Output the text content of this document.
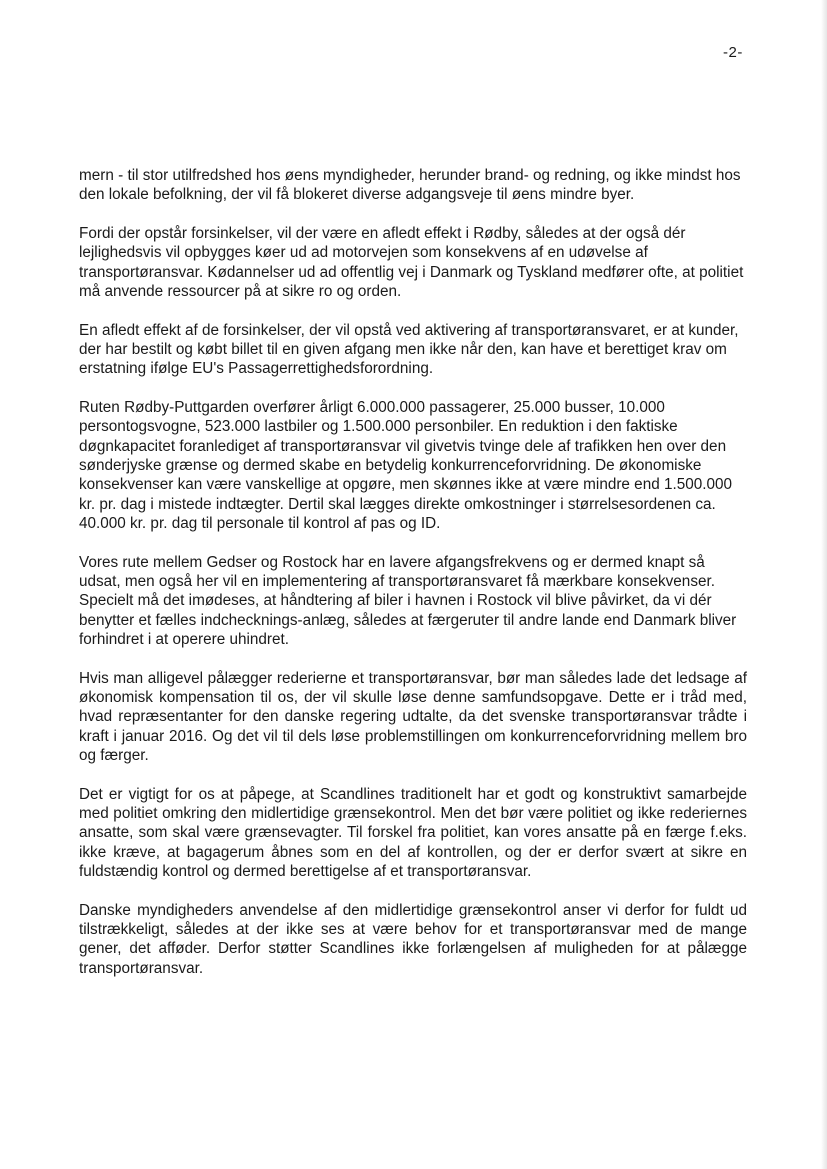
-2-

mern - til stor utilfredshed hos øens myndigheder, herunder brand- og redning, og ikke mindst hos den lokale befolkning, der vil få blokeret diverse adgangsveje til øens mindre byer.

Fordi der opstår forsinkelser, vil der være en afledt effekt i Rødby, således at der også dér lejlighedsvis vil opbygges køer ud ad motorvejen som konsekvens af en udøvelse af transportøransvar. Kødannelser ud ad offentlig vej i Danmark og Tyskland medfører ofte, at politiet må anvende ressourcer på at sikre ro og orden.

En afledt effekt af de forsinkelser, der vil opstå ved aktivering af transportøransvaret, er at kunder, der har bestilt og købt billet til en given afgang men ikke når den, kan have et berettiget krav om erstatning ifølge EU's Passagerrettighedsforordning.

Ruten Rødby-Puttgarden overfører årligt 6.000.000 passagerer, 25.000 busser, 10.000 persontogsvogne, 523.000 lastbiler og 1.500.000 personbiler. En reduktion i den faktiske døgnkapacitet foranlediget af transportøransvar vil givetvis tvinge dele af trafikken hen over den sønderjyske grænse og dermed skabe en betydelig konkurrenceforvridning. De økonomiske konsekvenser kan være vanskellige at opgøre, men skønnes ikke at være mindre end 1.500.000 kr. pr. dag i mistede indtægter. Dertil skal lægges direkte omkostninger i størrelsesordenen ca. 40.000 kr. pr. dag til personale til kontrol af pas og ID.

Vores rute mellem Gedser og Rostock har en lavere afgangsfrekvens og er dermed knapt så udsat, men også her vil en implementering af transportøransvaret få mærkbare konsekvenser. Specielt må det imødeses, at håndtering af biler i havnen i Rostock vil blive påvirket, da vi dér benytter et fælles indchecknings-anlæg, således at færgeruter til andre lande end Danmark bliver forhindret i at operere uhindret.

Hvis man alligevel pålægger rederierne et transportøransvar, bør man således lade det ledsage af økonomisk kompensation til os, der vil skulle løse denne samfundsopgave. Dette er i tråd med, hvad repræsentanter for den danske regering udtalte, da det svenske transportøransvar trådte i kraft i januar 2016. Og det vil til dels løse problemstillingen om konkurrenceforvridning mellem bro og færger.

Det er vigtigt for os at påpege, at Scandlines traditionelt har et godt og konstruktivt samarbejde med politiet omkring den midlertidige grænsekontrol. Men det bør være politiet og ikke rederiernes ansatte, som skal være grænsevagter. Til forskel fra politiet, kan vores ansatte på en færge f.eks. ikke kræve, at bagagerum åbnes som en del af kontrollen, og der er derfor svært at sikre en fuldstændig kontrol og dermed berettigelse af et transportøransvar.

Danske myndigheders anvendelse af den midlertidige grænsekontrol anser vi derfor for fuldt ud tilstrækkeligt, således at der ikke ses at være behov for et transportøransvar med de mange gener, det afføder. Derfor støtter Scandlines ikke forlængelsen af muligheden for at pålægge transportøransvar.
